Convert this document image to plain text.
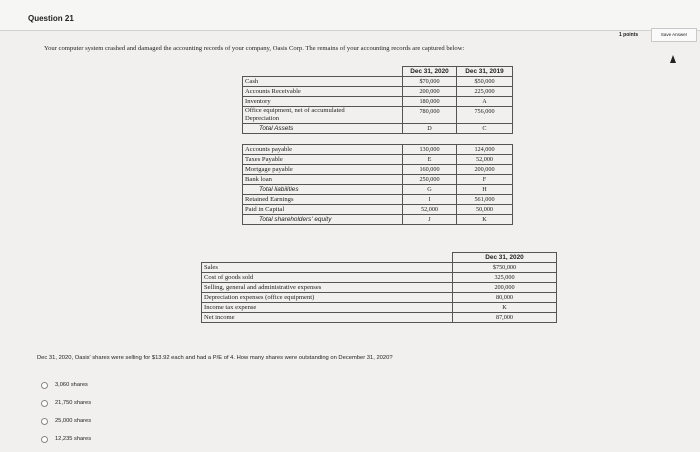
Question 21
1 points	Save Answer
Your computer system crashed and damaged the accounting records of your company, Oasis Corp. The remains of your accounting records are captured below:
	Dec 31, 2020	Dec 31, 2019
Cash	$70,000	$50,000
Accounts Receivable	200,000	225,000
Inventory	180,000	A
Office equipment, net of accumulated
Depreciation	780,000	756,000
Total Assets	D	C

Accounts payable	130,000	124,000
Taxes Payable	E	52,000
Mortgage payable	160,000	200,000
Bank loan	250,000	F
Total liabilities	G	H
Retained Earnings	I	561,000
Paid in Capital	52,000	50,000
Total shareholders' equity	J	K
	Dec 31, 2020
Sales	$750,000
Cost of goods sold	325,000
Selling, general and administrative expenses	200,000
Depreciation expenses (office equipment)	80,000
Income tax expense	K
Net income	87,000
Dec 31, 2020, Oasis' shares were selling for $13.92 each and had a P/E of 4. How many shares were outstanding on December 31, 2020?
3,060 shares
21,750 shares
25,000 shares
12,235 shares
